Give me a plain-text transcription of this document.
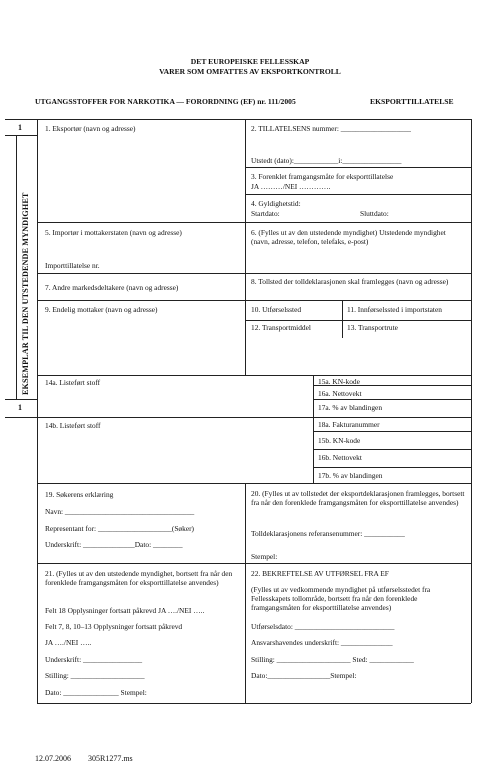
DET EUROPEISKE FELLESSKAP
VARER SOM OMFATTES AV EKSPORTKONTROLL
UTGANGSSTOFFER FOR NARKOTIKA — FORORDNING (EF) nr. 111/2005	EKSPORTTILLATELSE
1
1
EKSEMPLAR TIL DEN UTSTEDENDE MYNDIGHET
1. Eksportør (navn og adresse)	2. TILLATELSENS nummer: ___________________
Utstedt (dato):____________i:________________
3. Forenklet framgangsmåte for eksporttillatelse
JA ………/NEI ………….
4. Gyldighetstid:
Startdato:	Sluttdato:
5. Importør i mottakerstaten (navn og adresse)
Importtillatelse nr.
6. (Fylles ut av den utstedende myndighet) Utstedende myndighet (navn, adresse, telefon, telefaks, e-post)
7. Andre markedsdeltakere (navn og adresse)
8. Tollsted der tolldeklarasjonen skal framlegges (navn og adresse)
9. Endelig mottaker (navn og adresse)	10. Utførselssted	11. Innførselssted i importstaten
12. Transportmiddel	13. Transportrute
14a. Listeført stoff	15a. KN-kode
16a. Nettovekt
17a. % av blandingen
18a. Fakturanummer
14b. Listeført stoff
15b. KN-kode
16b. Nettovekt
17b. % av blandingen
19. Søkerens erklæring
Navn: ___________________________________
Representant for: ____________________(Søker)
Underskrift: ______________Dato: ________
20. (Fylles ut av tollstedet der eksportdeklarasjonen framlegges, bortsett fra når den forenklede framgangsmåten for eksporttillatelse anvendes)
Tolldeklarasjonens referansenummer: ___________
Stempel:
21. (Fylles ut av den utstedende myndighet, bortsett fra når den forenklede framgangsmåten for eksporttillatelse anvendes)
Felt 18 Opplysninger fortsatt påkrevd JA …./NEI …..
Felt 7, 8, 10–13 Opplysninger fortsatt påkrevd
JA …./NEI …..
Underskrift: ________________
Stilling: ____________________
Dato: _______________ Stempel:
22. BEKREFTELSE AV UTFØRSEL FRA EF
(Fylles ut av vedkommende myndighet på utførselsstedet fra Fellesskapets tollområde, bortsett fra når den forenklede framgangsmåten for eksporttillatelse anvendes)
Utførselsdato: ___________________________
Ansvarshavendes underskrift: ______________
Stilling: ____________________ Sted: ____________
Dato:_________________Stempel:
12.07.2006 305R1277.ms
